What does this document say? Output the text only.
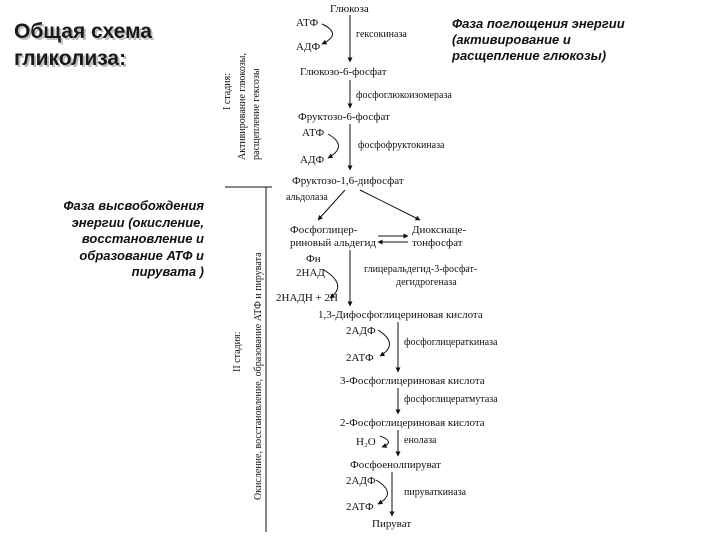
Общая схема
гликолиза:
Фаза поглощения энергии
(активирование и
расщепление глюкозы)
Фаза высвобождения
энергии (окисление,
восстановление и
образование АТФ и
пирувата )
I стадия: Активирование глюкозы, расщепление гексозы
II стадия: Окисление, восстановление, образование АТФ и пирувата
Глюкоза
АТФ
АДФ
гексокиназа
Глюкозо-6-фосфат
фосфоглюкоизомераза
Фруктозо-6-фосфат
АТФ
АДФ
фосфофруктокиназа
Фруктозо-1,6-дифосфат
альдолаза
Фосфоглицер-
риновый альдегид
Диоксиаце-
тонфосфат
Фн
2НАД
2НАДН + 2Н
глицеральдегид-3-фосфат-
дегидрогеназа
1,3-Дифосфоглицериновая кислота
2АДФ
2АТФ
фосфоглицераткиназа
3-Фосфоглицериновая кислота
фосфоглицератмутаза
2-Фосфоглицериновая кислота
H₂O	енолаза
Фосфоенолпируват
2АДФ
2АТФ
пируваткиназа
Пируват
